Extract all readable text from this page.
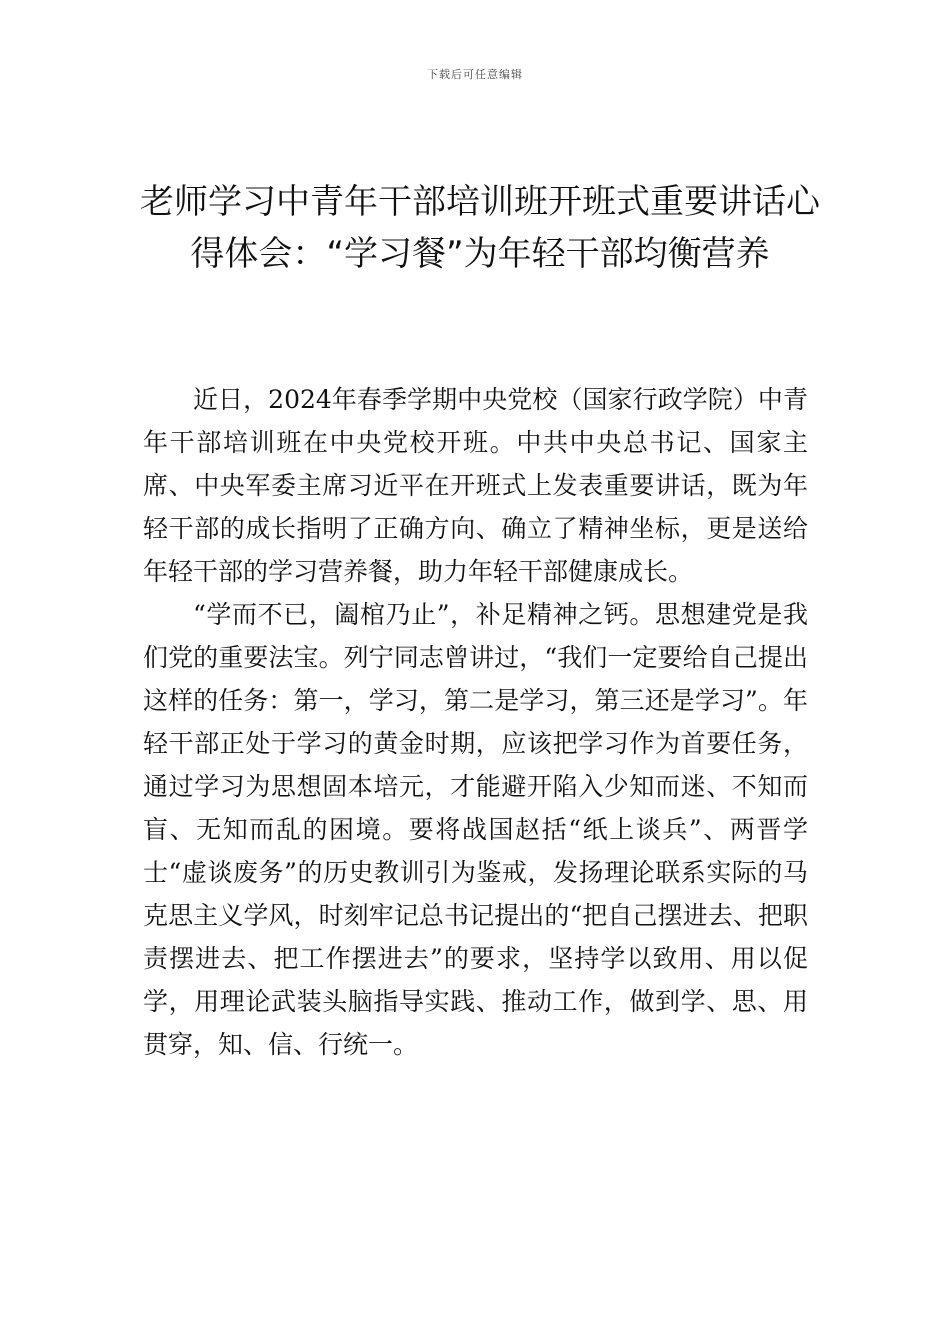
下载后可任意编辑
老师学习中青年干部培训班开班式重要讲话心得体会：“学习餐”为年轻干部均衡营养

近日，2024年春季学期中央党校（国家行政学院）中青年干部培训班在中央党校开班。中共中央总书记、国家主席、中央军委主席习近平在开班式上发表重要讲话，既为年轻干部的成长指明了正确方向、确立了精神坐标，更是送给年轻干部的学习营养餐，助力年轻干部健康成长。

“学而不已，阖棺乃止”，补足精神之钙。思想建党是我们党的重要法宝。列宁同志曾讲过，“我们一定要给自己提出这样的任务：第一，学习，第二是学习，第三还是学习”。年轻干部正处于学习的黄金时期，应该把学习作为首要任务，通过学习为思想固本培元，才能避开陷入少知而迷、不知而盲、无知而乱的困境。要将战国赵括“纸上谈兵”、两晋学士“虚谈废务”的历史教训引为鉴戒，发扬理论联系实际的马克思主义学风，时刻牢记总书记提出的“把自己摆进去、把职责摆进去、把工作摆进去”的要求，坚持学以致用、用以促学，用理论武装头脑指导实践、推动工作，做到学、思、用贯穿，知、信、行统一。
